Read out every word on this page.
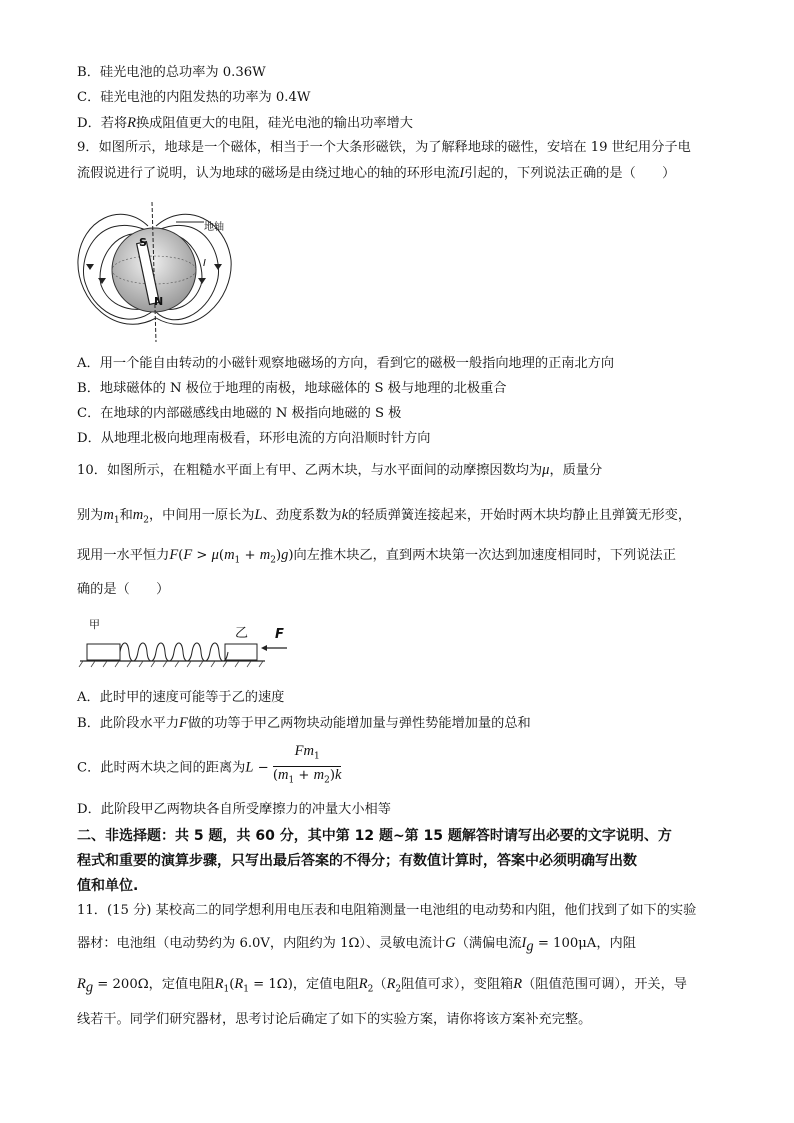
B．硅光电池的总功率为 0.36W
C．硅光电池的内阻发热的功率为 0.4W
D．若将R换成阻值更大的电阻，硅光电池的输出功率增大
9．如图所示，地球是一个磁体，相当于一个大条形磁铁，为了解释地球的磁性，安培在 19 世纪用分子电
流假说进行了说明，认为地球的磁场是由绕过地心的轴的环形电流I引起的，下列说法正确的是（　　）
S
N
地轴
I
A．用一个能自由转动的小磁针观察地磁场的方向，看到它的磁极一般指向地理的正南北方向
B．地球磁体的 N 极位于地理的南极，地球磁体的 S 极与地理的北极重合
C．在地球的内部磁感线由地磁的 N 极指向地磁的 S 极
D．从地理北极向地理南极看，环形电流的方向沿顺时针方向
10．如图所示，在粗糙水平面上有甲、乙两木块，与水平面间的动摩擦因数均为μ，质量分
别为$m_1$和$m_2$，中间用一原长为L、劲度系数为k的轻质弹簧连接起来，开始时两木块均静止且弹簧无形变，
现用一水平恒力$F(F > \mu(m_1 + m_2)g)$向左推木块乙，直到两木块第一次达到加速度相同时，下列说法正
确的是（　　）
甲
乙 F
A．此时甲的速度可能等于乙的速度
B．此阶段水平力F做的功等于甲乙两物块动能增加量与弹性势能增加量的总和
C．此时两木块之间的距离为$L - \frac{Fm_1}{(m_1 + m_2)k}$
D．此阶段甲乙两物块各自所受摩擦力的冲量大小相等
二、非选择题：共 5 题，共 60 分，其中第 12 题~第 15 题解答时请写出必要的文字说明、方
程式和重要的演算步骤，只写出最后答案的不得分；有数值计算时，答案中必须明确写出数
值和单位.
11．(15 分) 某校高二的同学想利用电压表和电阻箱测量一电池组的电动势和内阻，他们找到了如下的实验
器材：电池组（电动势约为 6.0V，内阻约为 1Ω）、灵敏电流计G（满偏电流$I_g = 100\mu A$，内阻
$R_g = 200\Omega$，定值电阻$R_1(R_1 = 1\Omega)$，定值电阻$R_2(R_2$阻值可求），变阻箱R（阻值范围可调），开关，导
线若干。同学们研究器材，思考讨论后确定了如下的实验方案，请你将该方案补充完整。
